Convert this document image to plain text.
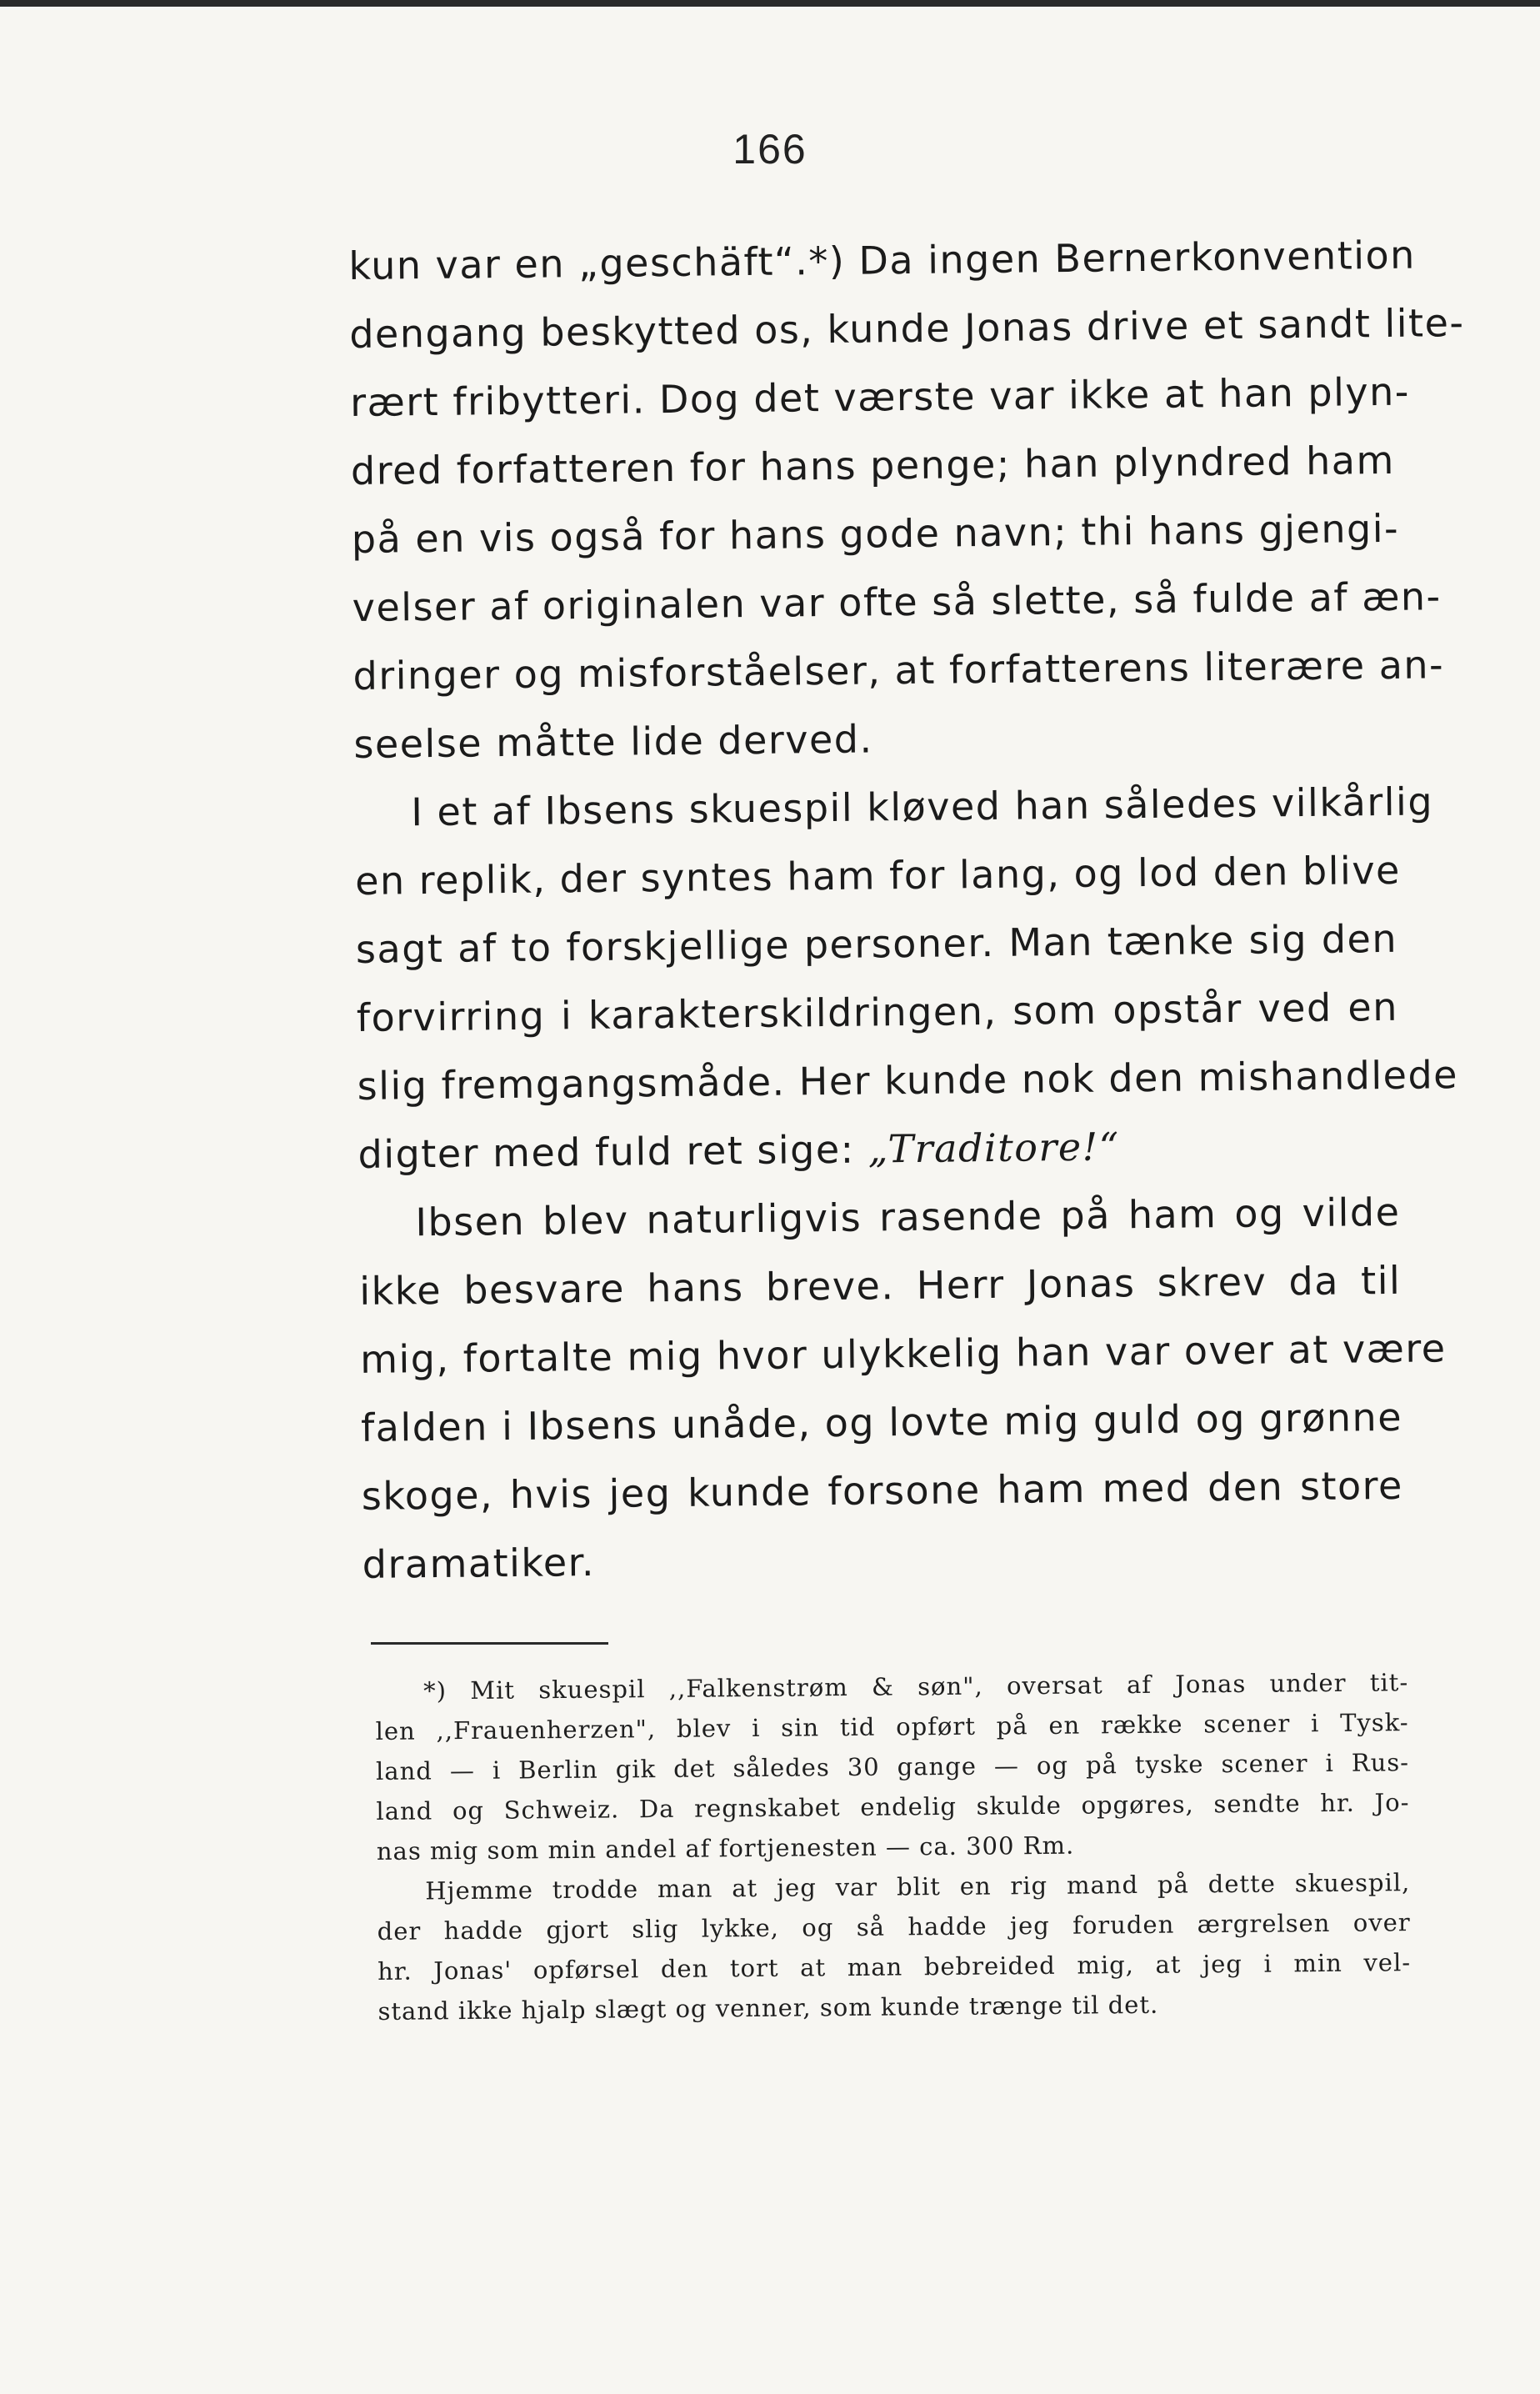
166
kun var en „geschäft“.*) Da ingen Bernerkonvention
dengang beskytted os, kunde Jonas drive et sandt lite-
rært fribytteri. Dog det værste var ikke at han plyn-
dred forfatteren for hans penge; han plyndred ham
på en vis også for hans gode navn; thi hans gjengi-
velser af originalen var ofte så slette, så fulde af æn-
dringer og misforståelser, at forfatterens literære an-
seelse måtte lide derved.
I et af Ibsens skuespil kløved han således vilkårlig
en replik, der syntes ham for lang, og lod den blive
sagt af to forskjellige personer. Man tænke sig den
forvirring i karakterskildringen, som opstår ved en
slig fremgangsmåde. Her kunde nok den mishandlede
digter med fuld ret sige: „Traditore!“
Ibsen blev naturligvis rasende på ham og vilde
ikke besvare hans breve. Herr Jonas skrev da til
mig, fortalte mig hvor ulykkelig han var over at være
falden i Ibsens unåde, og lovte mig guld og grønne
skoge, hvis jeg kunde forsone ham med den store
dramatiker.
*) Mit skuespil ,,Falkenstrøm & søn", oversat af Jonas under tit-
len ,,Frauenherzen", blev i sin tid opført på en række scener i Tysk-
land — i Berlin gik det således 30 gange — og på tyske scener i Rus-
land og Schweiz. Da regnskabet endelig skulde opgøres, sendte hr. Jo-
nas mig som min andel af fortjenesten — ca. 300 Rm.
Hjemme trodde man at jeg var blit en rig mand på dette skuespil,
der hadde gjort slig lykke, og så hadde jeg foruden ærgrelsen over
hr. Jonas' opførsel den tort at man bebreided mig, at jeg i min vel-
stand ikke hjalp slægt og venner, som kunde trænge til det.
